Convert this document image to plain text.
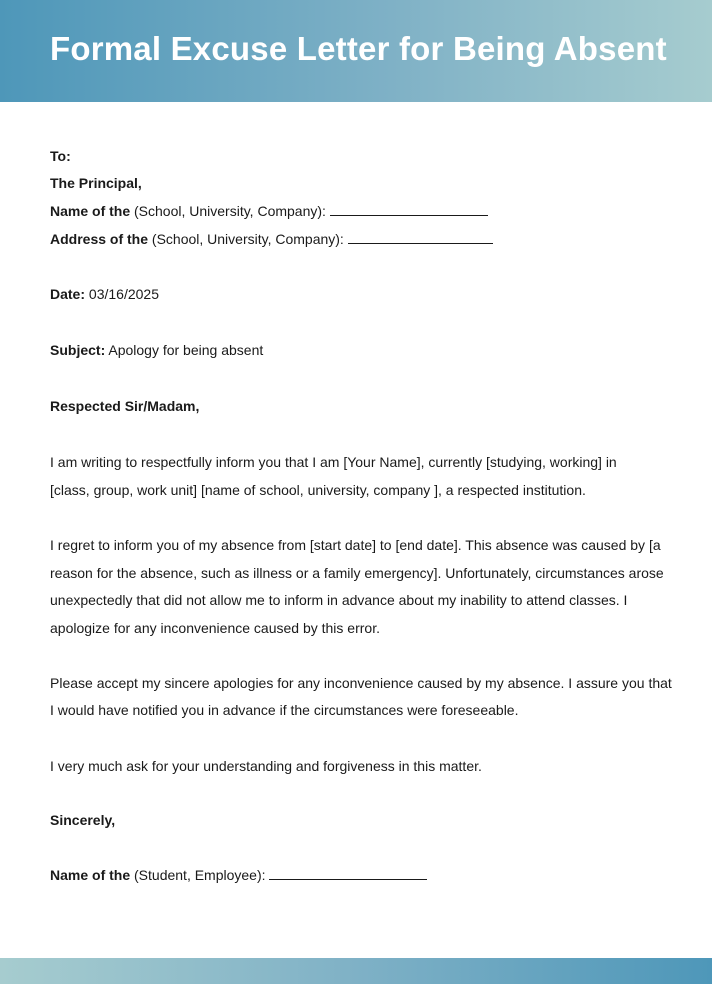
Formal Excuse Letter for Being Absent
To:
The Principal,
Name of the (School, University, Company):
Address of the (School, University, Company):
Date: 03/16/2025
Subject: Apology for being absent
Respected Sir/Madam,
I am writing to respectfully inform you that I am [Your Name], currently [studying, working] in
[class, group, work unit] [name of school, university, company ], a respected institution.
I regret to inform you of my absence from [start date] to [end date]. This absence was caused by [a
reason for the absence, such as illness or a family emergency]. Unfortunately, circumstances arose
unexpectedly that did not allow me to inform in advance about my inability to attend classes. I
apologize for any inconvenience caused by this error.
Please accept my sincere apologies for any inconvenience caused by my absence. I assure you that
I would have notified you in advance if the circumstances were foreseeable.
I very much ask for your understanding and forgiveness in this matter.
Sincerely,
Name of the (Student, Employee):
